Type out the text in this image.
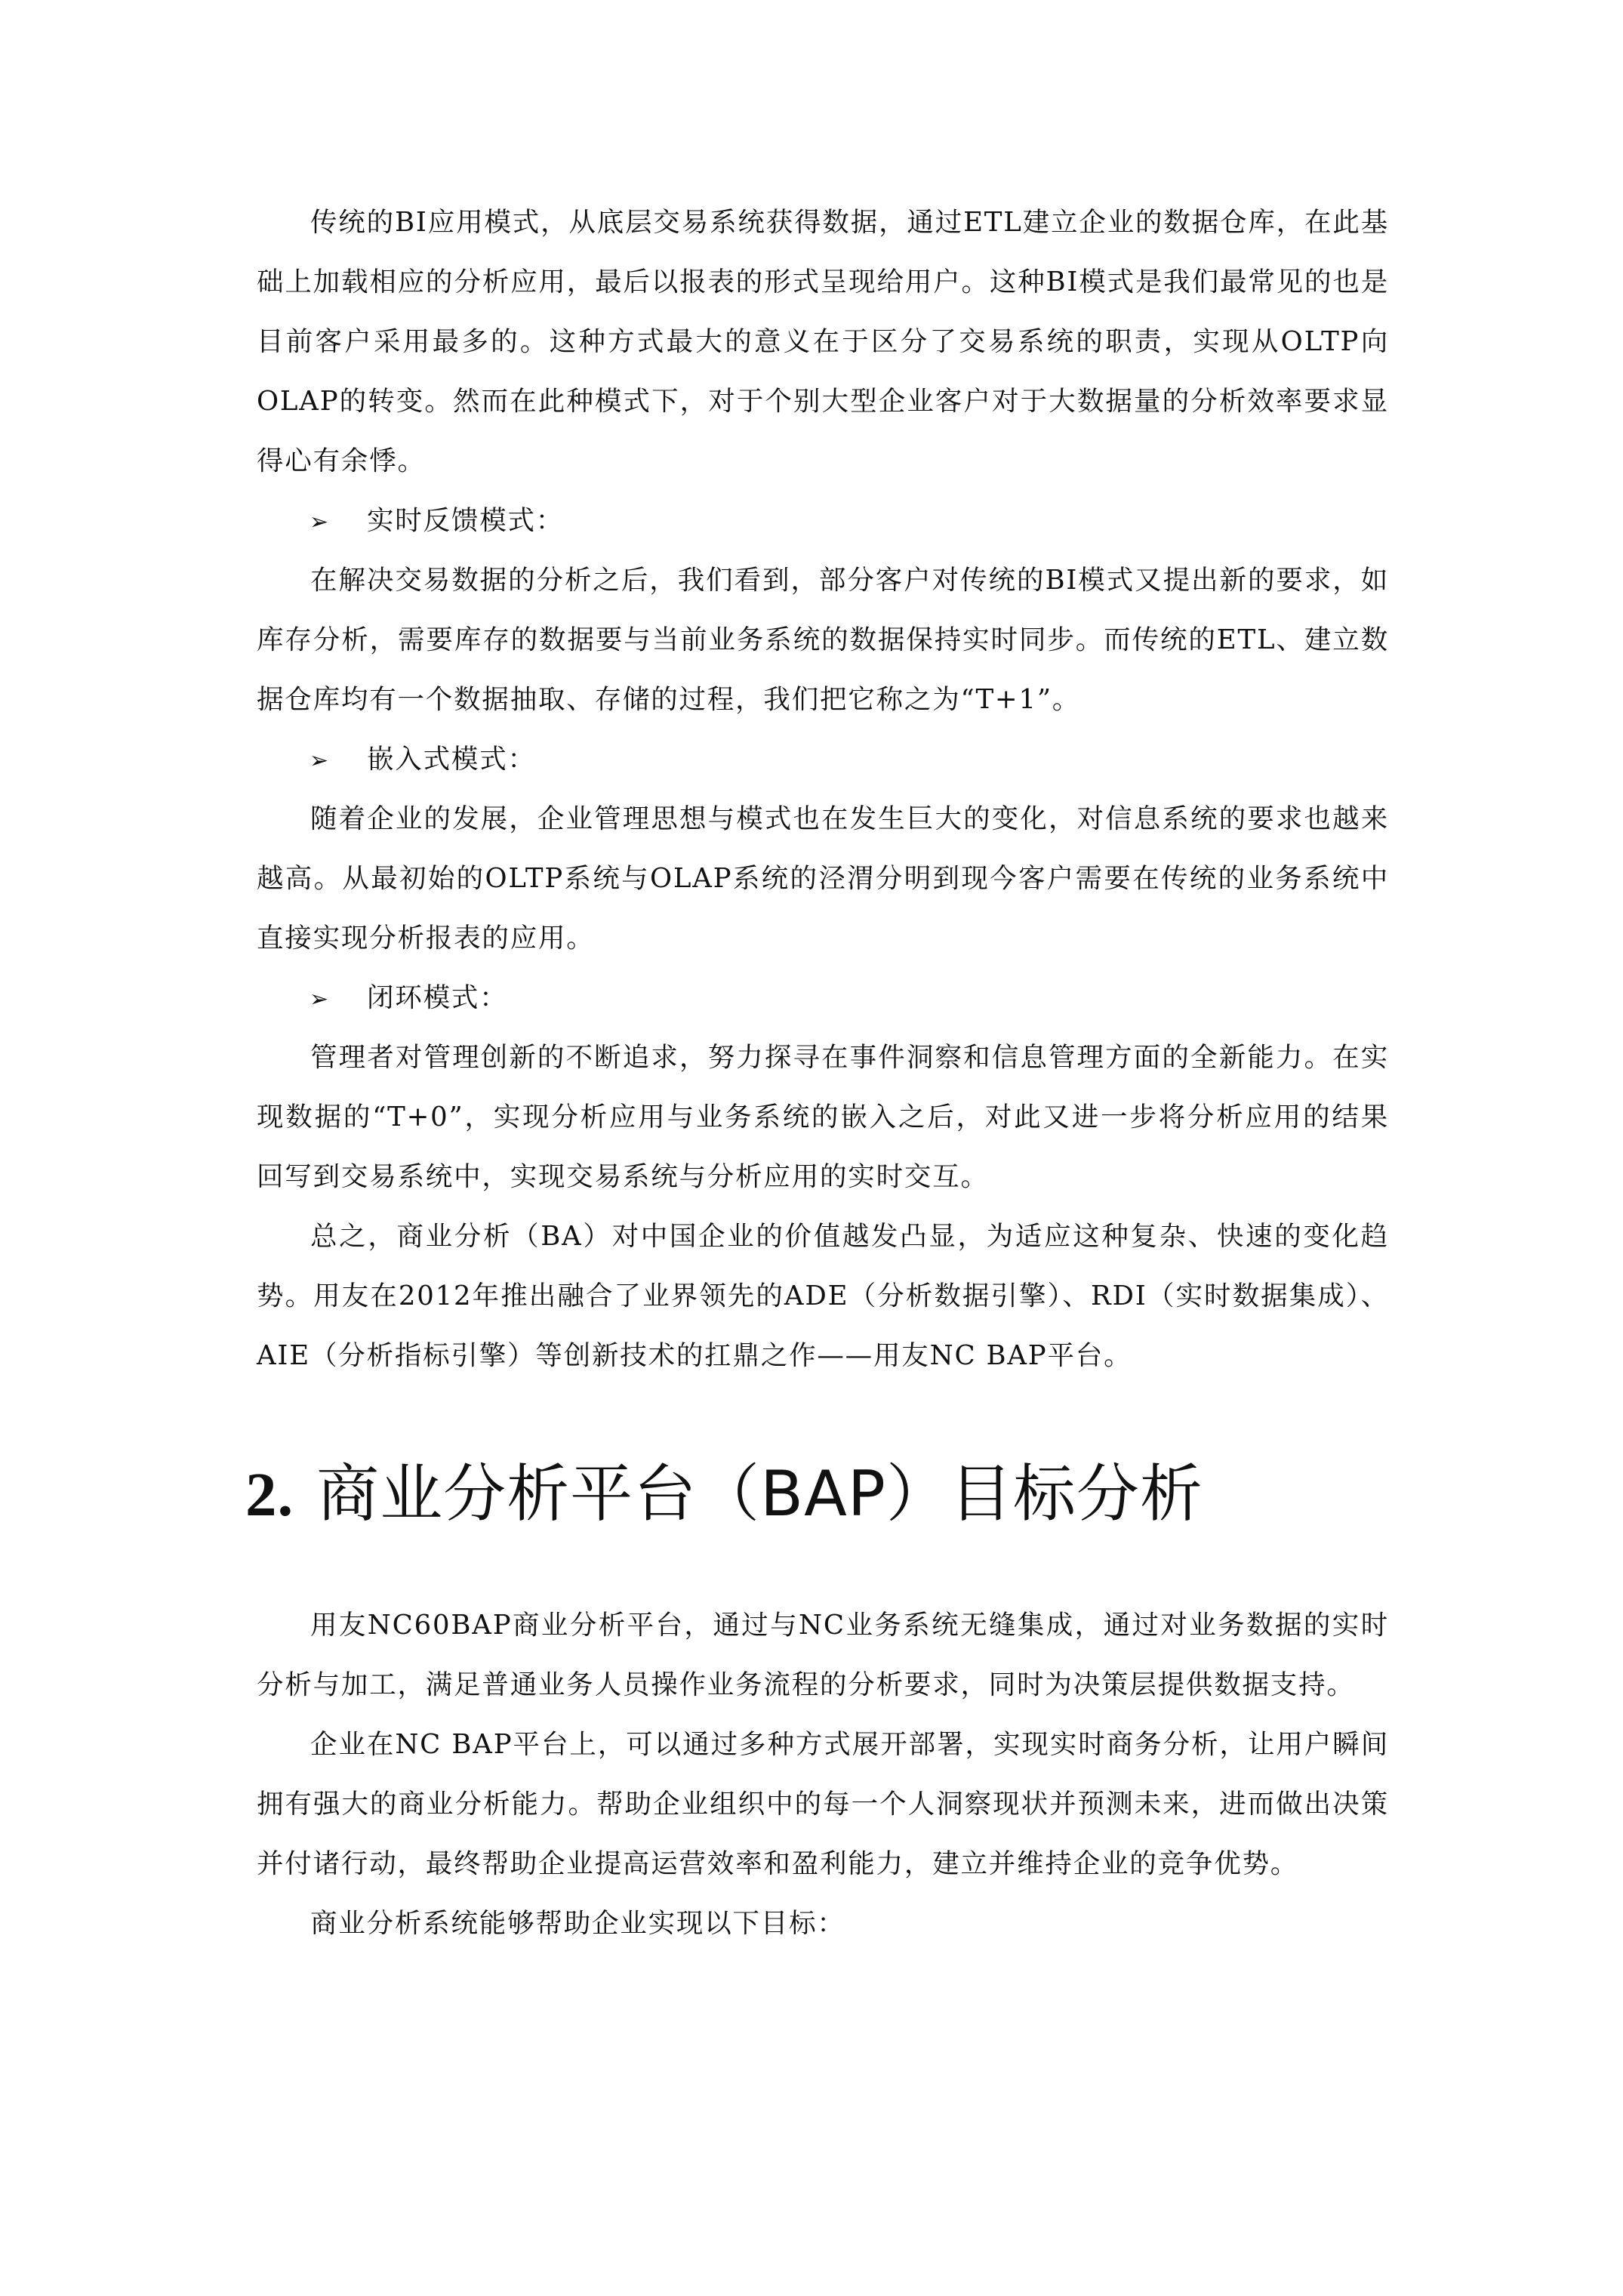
传统的BI应用模式，从底层交易系统获得数据，通过ETL建立企业的数据仓库，在此基础上加载相应的分析应用，最后以报表的形式呈现给用户。这种BI模式是我们最常见的也是目前客户采用最多的。这种方式最大的意义在于区分了交易系统的职责，实现从OLTP向OLAP的转变。然而在此种模式下，对于个别大型企业客户对于大数据量的分析效率要求显得心有余悸。

➢ 实时反馈模式：

在解决交易数据的分析之后，我们看到，部分客户对传统的BI模式又提出新的要求，如库存分析，需要库存的数据要与当前业务系统的数据保持实时同步。而传统的ETL、建立数据仓库均有一个数据抽取、存储的过程，我们把它称之为“T+1”。

➢ 嵌入式模式：

随着企业的发展，企业管理思想与模式也在发生巨大的变化，对信息系统的要求也越来越高。从最初始的OLTP系统与OLAP系统的泾渭分明到现今客户需要在传统的业务系统中直接实现分析报表的应用。

➢ 闭环模式：

管理者对管理创新的不断追求，努力探寻在事件洞察和信息管理方面的全新能力。在实现数据的“T+0”，实现分析应用与业务系统的嵌入之后，对此又进一步将分析应用的结果回写到交易系统中，实现交易系统与分析应用的实时交互。

总之，商业分析（BA）对中国企业的价值越发凸显，为适应这种复杂、快速的变化趋势。用友在2012年推出融合了业界领先的ADE（分析数据引擎）、RDI（实时数据集成）、AIE（分析指标引擎）等创新技术的扛鼎之作——用友NC BAP平台。

2. 商业分析平台（BAP）目标分析

用友NC60BAP商业分析平台，通过与NC业务系统无缝集成，通过对业务数据的实时分析与加工，满足普通业务人员操作业务流程的分析要求，同时为决策层提供数据支持。

企业在NC BAP平台上，可以通过多种方式展开部署，实现实时商务分析，让用户瞬间拥有强大的商业分析能力。帮助企业组织中的每一个人洞察现状并预测未来，进而做出决策并付诸行动，最终帮助企业提高运营效率和盈利能力，建立并维持企业的竞争优势。

商业分析系统能够帮助企业实现以下目标：
